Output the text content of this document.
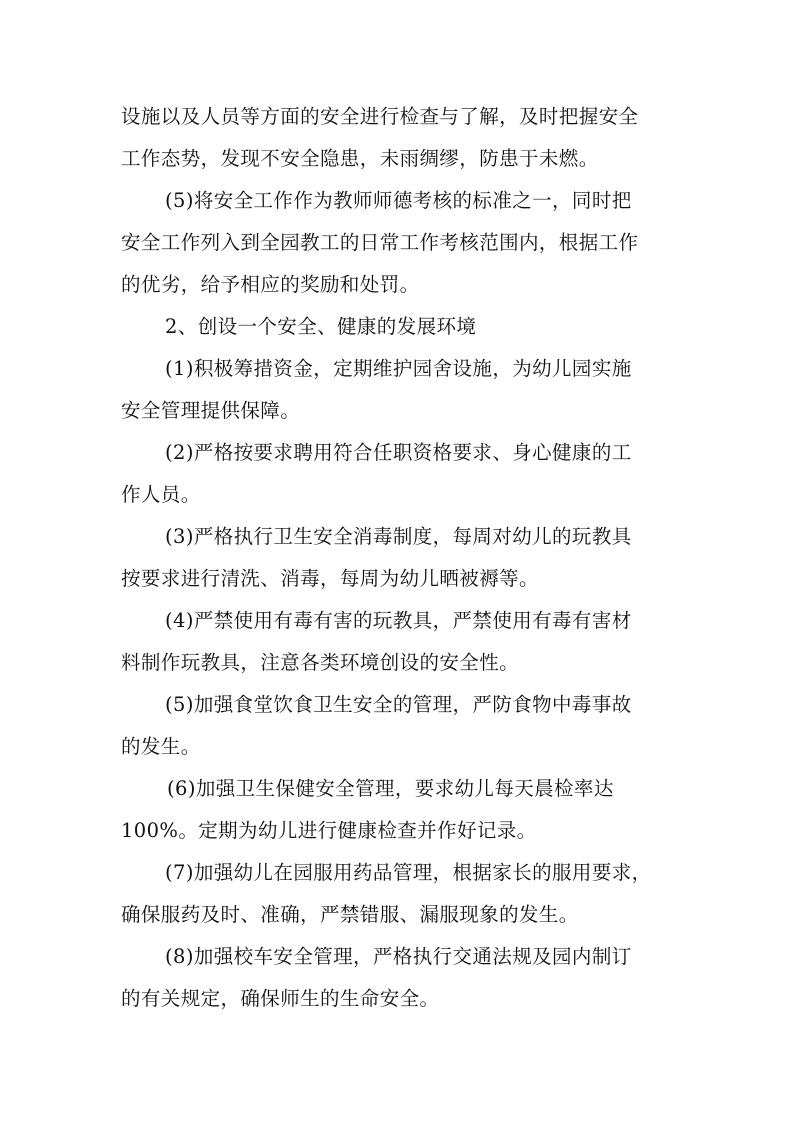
设施以及人员等方面的安全进行检查与了解，及时把握安全
工作态势，发现不安全隐患，未雨绸缪，防患于未燃。
(5)将安全工作作为教师师德考核的标准之一，同时把
安全工作列入到全园教工的日常工作考核范围内，根据工作
的优劣，给予相应的奖励和处罚。
2、创设一个安全、健康的发展环境
(1)积极筹措资金，定期维护园舍设施，为幼儿园实施
安全管理提供保障。
(2)严格按要求聘用符合任职资格要求、身心健康的工
作人员。
(3)严格执行卫生安全消毒制度，每周对幼儿的玩教具
按要求进行清洗、消毒，每周为幼儿晒被褥等。
(4)严禁使用有毒有害的玩教具，严禁使用有毒有害材
料制作玩教具，注意各类环境创设的安全性。
(5)加强食堂饮食卫生安全的管理，严防食物中毒事故
的发生。
(6)加强卫生保健安全管理，要求幼儿每天晨检率达
100%。定期为幼儿进行健康检查并作好记录。
(7)加强幼儿在园服用药品管理，根据家长的服用要求，
确保服药及时、准确，严禁错服、漏服现象的发生。
(8)加强校车安全管理，严格执行交通法规及园内制订
的有关规定，确保师生的生命安全。
